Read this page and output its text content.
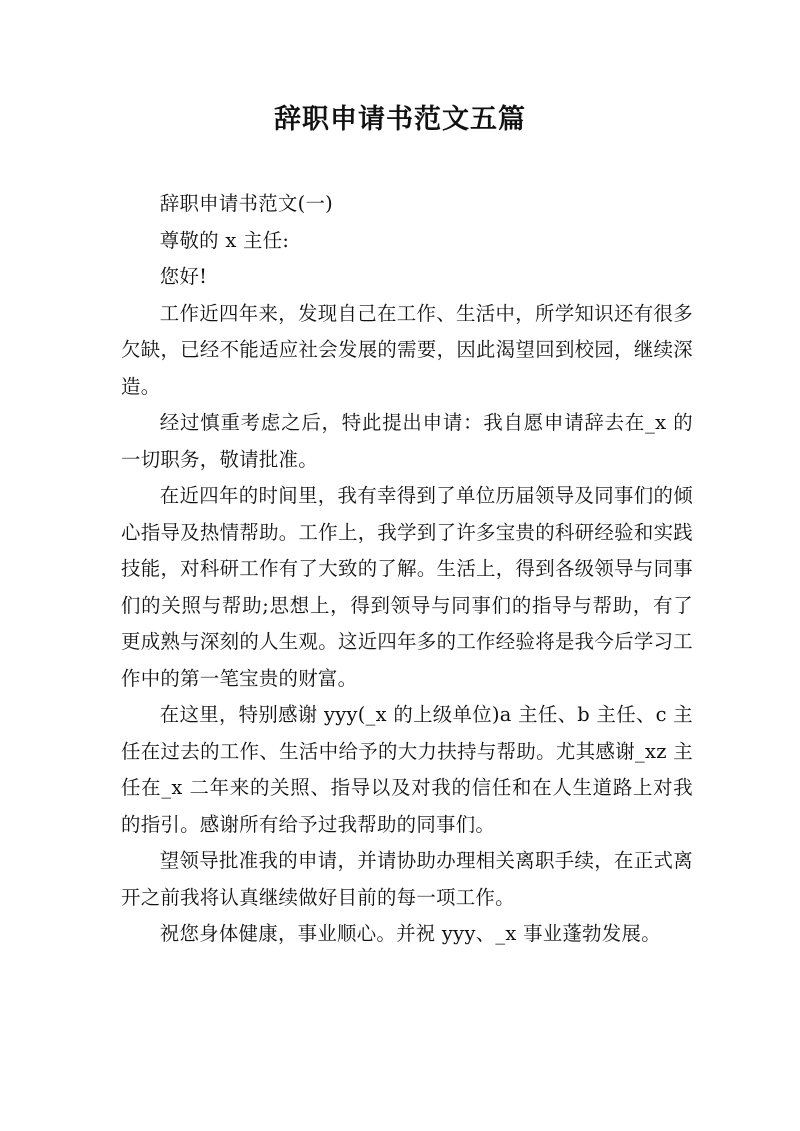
辞职申请书范文五篇

辞职申请书范文(一)

尊敬的 x 主任:

您好!

工作近四年来，发现自己在工作、生活中，所学知识还有很多欠缺，已经不能适应社会发展的需要，因此渴望回到校园，继续深造。

经过慎重考虑之后，特此提出申请：我自愿申请辞去在_x 的一切职务，敬请批准。

在近四年的时间里，我有幸得到了单位历届领导及同事们的倾心指导及热情帮助。工作上，我学到了许多宝贵的科研经验和实践技能，对科研工作有了大致的了解。生活上，得到各级领导与同事们的关照与帮助;思想上，得到领导与同事们的指导与帮助，有了更成熟与深刻的人生观。这近四年多的工作经验将是我今后学习工作中的第一笔宝贵的财富。

在这里，特别感谢 yyy(_x 的上级单位)a 主任、b 主任、c 主任在过去的工作、生活中给予的大力扶持与帮助。尤其感谢_xz 主任在_x 二年来的关照、指导以及对我的信任和在人生道路上对我的指引。感谢所有给予过我帮助的同事们。

望领导批准我的申请，并请协助办理相关离职手续，在正式离开之前我将认真继续做好目前的每一项工作。

祝您身体健康，事业顺心。并祝 yyy、_x 事业蓬勃发展。
